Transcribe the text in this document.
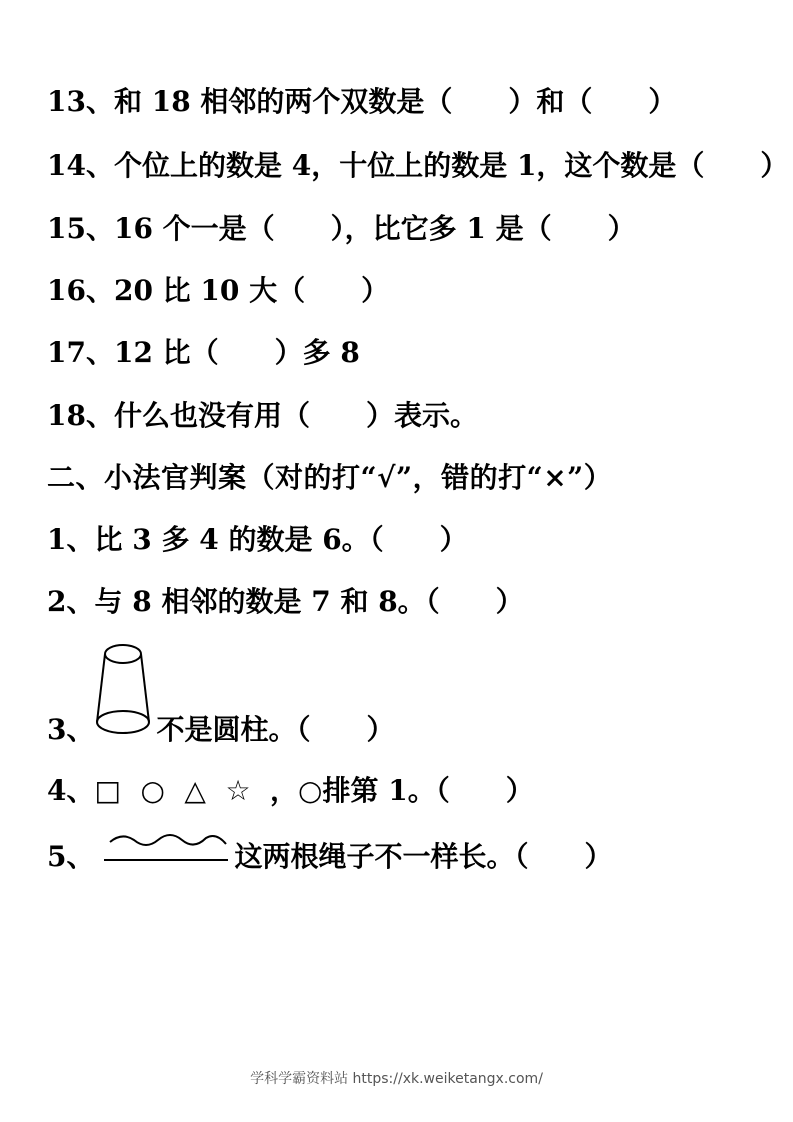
13、和 18 相邻的两个双数是（　　）和（　　）
14、个位上的数是 4，十位上的数是 1，这个数是（　　）
15、16 个一是（　　），比它多 1 是（　　）
16、20 比 10 大（　　）
17、12 比（　　）多 8
18、什么也没有用（　　）表示。
二、小法官判案（对的打“√”，错的打“×”）
1、比 3 多 4 的数是 6。（　　）
2、与 8 相邻的数是 7 和 8。（　　）
3、 不是圆柱。（　　）
4、□ ○ △ ☆ ，○排第 1。（　　）
5、	这两根绳子不一样长。（　　）
学科学霸资料站 https://xk.weiketangx.com/
